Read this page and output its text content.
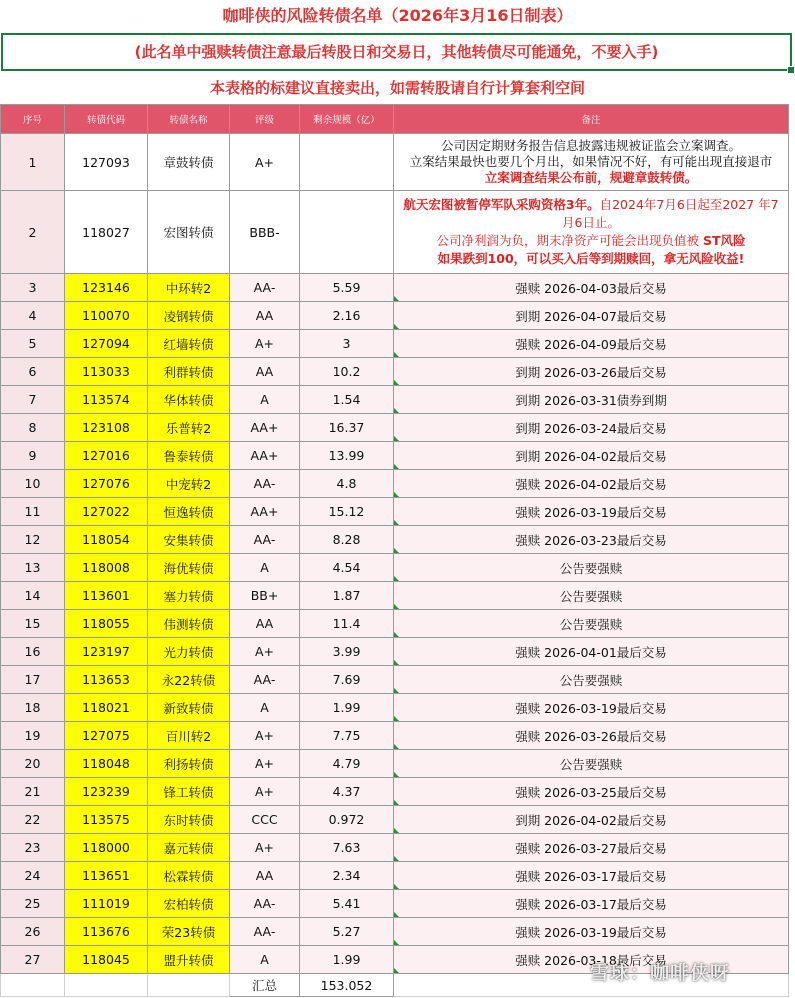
咖啡侠的风险转债名单（2026年3月16日制表）
(此名单中强赎转债注意最后转股日和交易日，其他转债尽可能通免，不要入手)
本表格的标建议直接卖出，如需转股请自行计算套利空间
序号	转债代码	转债名称	评级	剩余规模（亿）	备注
1	127093	章鼓转债	A+		公司因定期财务报告信息披露违规被证监会立案调查。
立案结果最快也要几个月出，如果情况不好，有可能出现直接退市
立案调查结果公布前，规避章鼓转债。

2	118027	宏图转债	BBB-		航天宏图被暂停军队采购资格3年。自2024年7月6日起至2027 年7
月6日止。
公司净利润为负，期末净资产可能会出现负值被 ST风险
如果跌到100，可以买入后等到期赎回，拿无风险收益!

3	123146	中环转2	AA-	5.59	强赎 2026-04-03最后交易
4	110070	凌钢转债	AA	2.16	到期 2026-04-07最后交易
5	127094	红墙转债	A+	3	强赎 2026-04-09最后交易
6	113033	利群转债	AA	10.2	到期 2026-03-26最后交易
7	113574	华体转债	A	1.54	到期 2026-03-31债券到期
8	123108	乐普转2	AA+	16.37	到期 2026-03-24最后交易
9	127016	鲁泰转债	AA+	13.99	到期 2026-04-02最后交易
10	127076	中宠转2	AA-	4.8	强赎 2026-04-02最后交易
11	127022	恒逸转债	AA+	15.12	强赎 2026-03-19最后交易
12	118054	安集转债	AA-	8.28	强赎 2026-03-23最后交易
13	118008	海优转债	A	4.54	公告要强赎
14	113601	塞力转债	BB+	1.87	公告要强赎
15	118055	伟测转债	AA	11.4	公告要强赎
16	123197	光力转债	A+	3.99	强赎 2026-04-01最后交易
17	113653	永22转债	AA-	7.69	公告要强赎
18	118021	新致转债	A	1.99	强赎 2026-03-19最后交易
19	127075	百川转2	A+	7.75	强赎 2026-03-26最后交易
20	118048	利扬转债	A+	4.79	公告要强赎
21	123239	锋工转债	A+	4.37	强赎 2026-03-25最后交易
22	113575	东时转债	CCC	0.972	到期 2026-04-02最后交易
23	118000	嘉元转债	A+	7.63	强赎 2026-03-27最后交易
24	113651	松霖转债	AA	2.34	强赎 2026-03-17最后交易
25	111019	宏柏转债	AA-	5.41	强赎 2026-03-17最后交易
26	113676	荣23转债	AA-	5.27	强赎 2026-03-19最后交易
27	118045	盟升转债	A	1.99	强赎 2026-03-18最后交易
			汇总	153.052	
雪球：咖啡侠呀
